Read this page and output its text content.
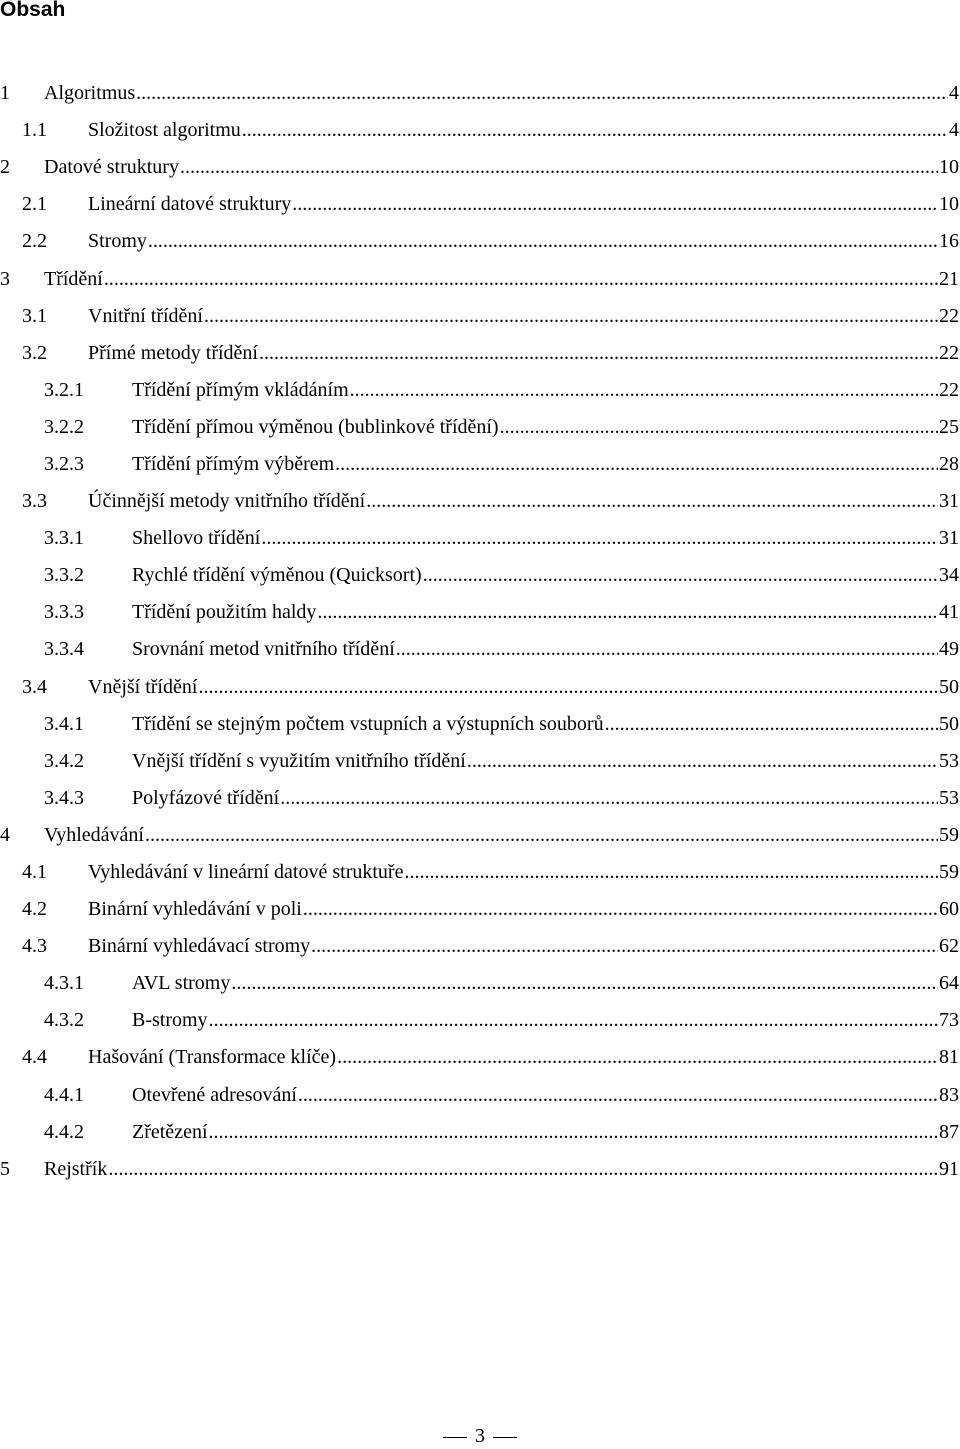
Obsah
1	Algoritmus .....	4
1.1	Složitost algoritmu .....	4
2	Datové struktury .....	10
2.1	Lineární datové struktury .....	10
2.2	Stromy .....	16
3	Třídění .....	21
3.1	Vnitřní třídění .....	22
3.2	Přímé metody třídění .....	22
3.2.1	Třídění přímým vkládáním .....	22
3.2.2	Třídění přímou výměnou (bublinkové třídění) .....	25
3.2.3	Třídění přímým výběrem .....	28
3.3	Účinnější metody vnitřního třídění .....	31
3.3.1	Shellovo třídění .....	31
3.3.2	Rychlé třídění výměnou (Quicksort) .....	34
3.3.3	Třídění použitím haldy .....	41
3.3.4	Srovnání metod vnitřního třídění .....	49
3.4	Vnější třídění .....	50
3.4.1	Třídění se stejným počtem vstupních a výstupních souborů .....	50
3.4.2	Vnější třídění s využitím vnitřního třídění .....	53
3.4.3	Polyfázové třídění .....	53
4	Vyhledávání .....	59
4.1	Vyhledávání v lineární datové struktuře .....	59
4.2	Binární vyhledávání v poli .....	60
4.3	Binární vyhledávací stromy .....	62
4.3.1	AVL stromy .....	64
4.3.2	B-stromy .....	73
4.4	Hašování (Transformace klíče) .....	81
4.4.1	Otevřené adresování .....	83
4.4.2	Zřetězení .....	87
5	Rejstřík .....	91
3
